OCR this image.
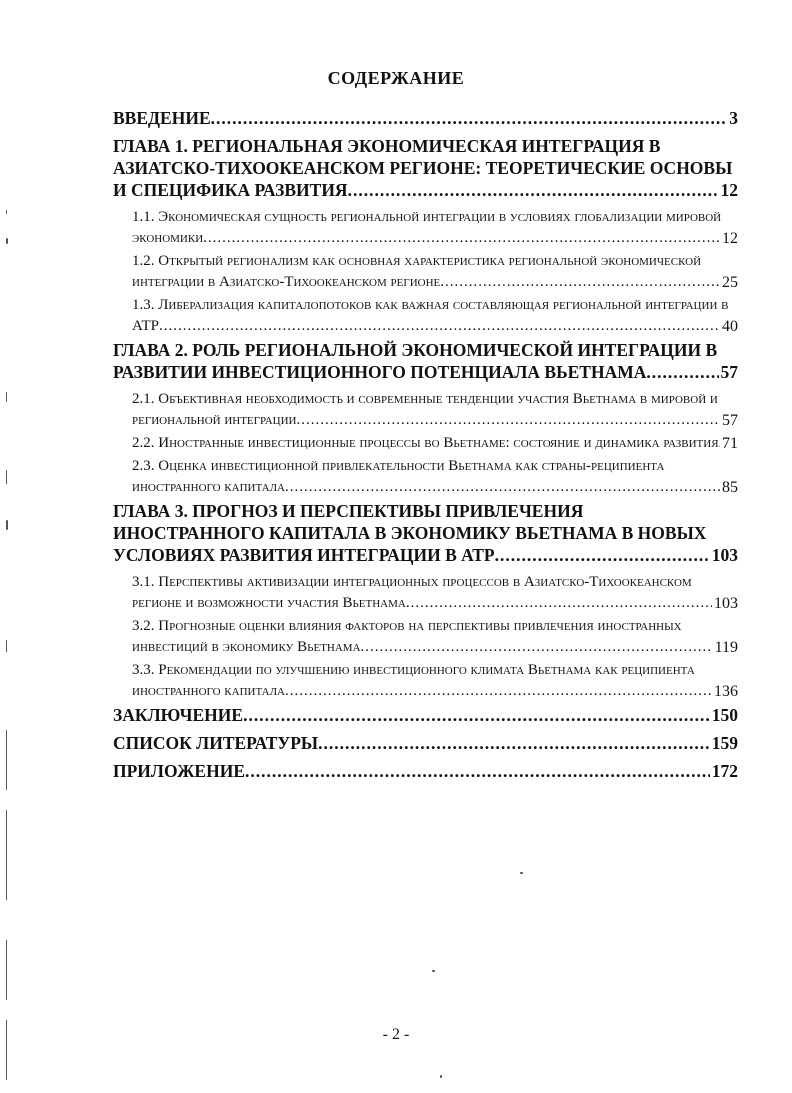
СОДЕРЖАНИЕ
ВВЕДЕНИЕ .....	3
ГЛАВА 1. РЕГИОНАЛЬНАЯ ЭКОНОМИЧЕСКАЯ ИНТЕГРАЦИЯ В АЗИАТСКО-ТИХООКЕАНСКОМ РЕГИОНЕ: ТЕОРЕТИЧЕСКИЕ ОСНОВЫ И СПЕЦИФИКА РАЗВИТИЯ .....	12
1.1. Экономическая сущность региональной интеграции в условиях глобализации мировой экономики .....	12
1.2. Открытый регионализм как основная характеристика региональной экономической интеграции в Азиатско-Тихоокеанском регионе .....	25
1.3. Либерализация капиталопотоков как важная составляющая региональной интеграции в АТР .....	40
ГЛАВА 2. РОЛЬ РЕГИОНАЛЬНОЙ ЭКОНОМИЧЕСКОЙ ИНТЕГРАЦИИ В РАЗВИТИИ ИНВЕСТИЦИОННОГО ПОТЕНЦИАЛА ВЬЕТНАМА .....	57
2.1. Объективная необходимость и современные тенденции участия Вьетнама в мировой и региональной интеграции .....	57
2.2. Иностранные инвестиционные процессы во Вьетнаме: состояние и динамика развития ..... 71
2.3. Оценка инвестиционной привлекательности Вьетнама как страны-реципиента иностранного капитала .....	85
ГЛАВА 3. ПРОГНОЗ И ПЕРСПЕКТИВЫ ПРИВЛЕЧЕНИЯ ИНОСТРАННОГО КАПИТАЛА В ЭКОНОМИКУ ВЬЕТНАМА В НОВЫХ УСЛОВИЯХ РАЗВИТИЯ ИНТЕГРАЦИИ В АТР .....	103
3.1. Перспективы активизации интеграционных процессов в Азиатско-Тихоокеанском регионе и возможности участия Вьетнама .....	103
3.2. Прогнозные оценки влияния факторов на перспективы привлечения иностранных инвестиций в экономику Вьетнама .....	119
3.3. Рекомендации по улучшению инвестиционного климата Вьетнама как реципиента иностранного капитала .....	136
ЗАКЛЮЧЕНИЕ .....	150
СПИСОК ЛИТЕРАТУРЫ .....	159
ПРИЛОЖЕНИЕ .....	172
- 2 -
